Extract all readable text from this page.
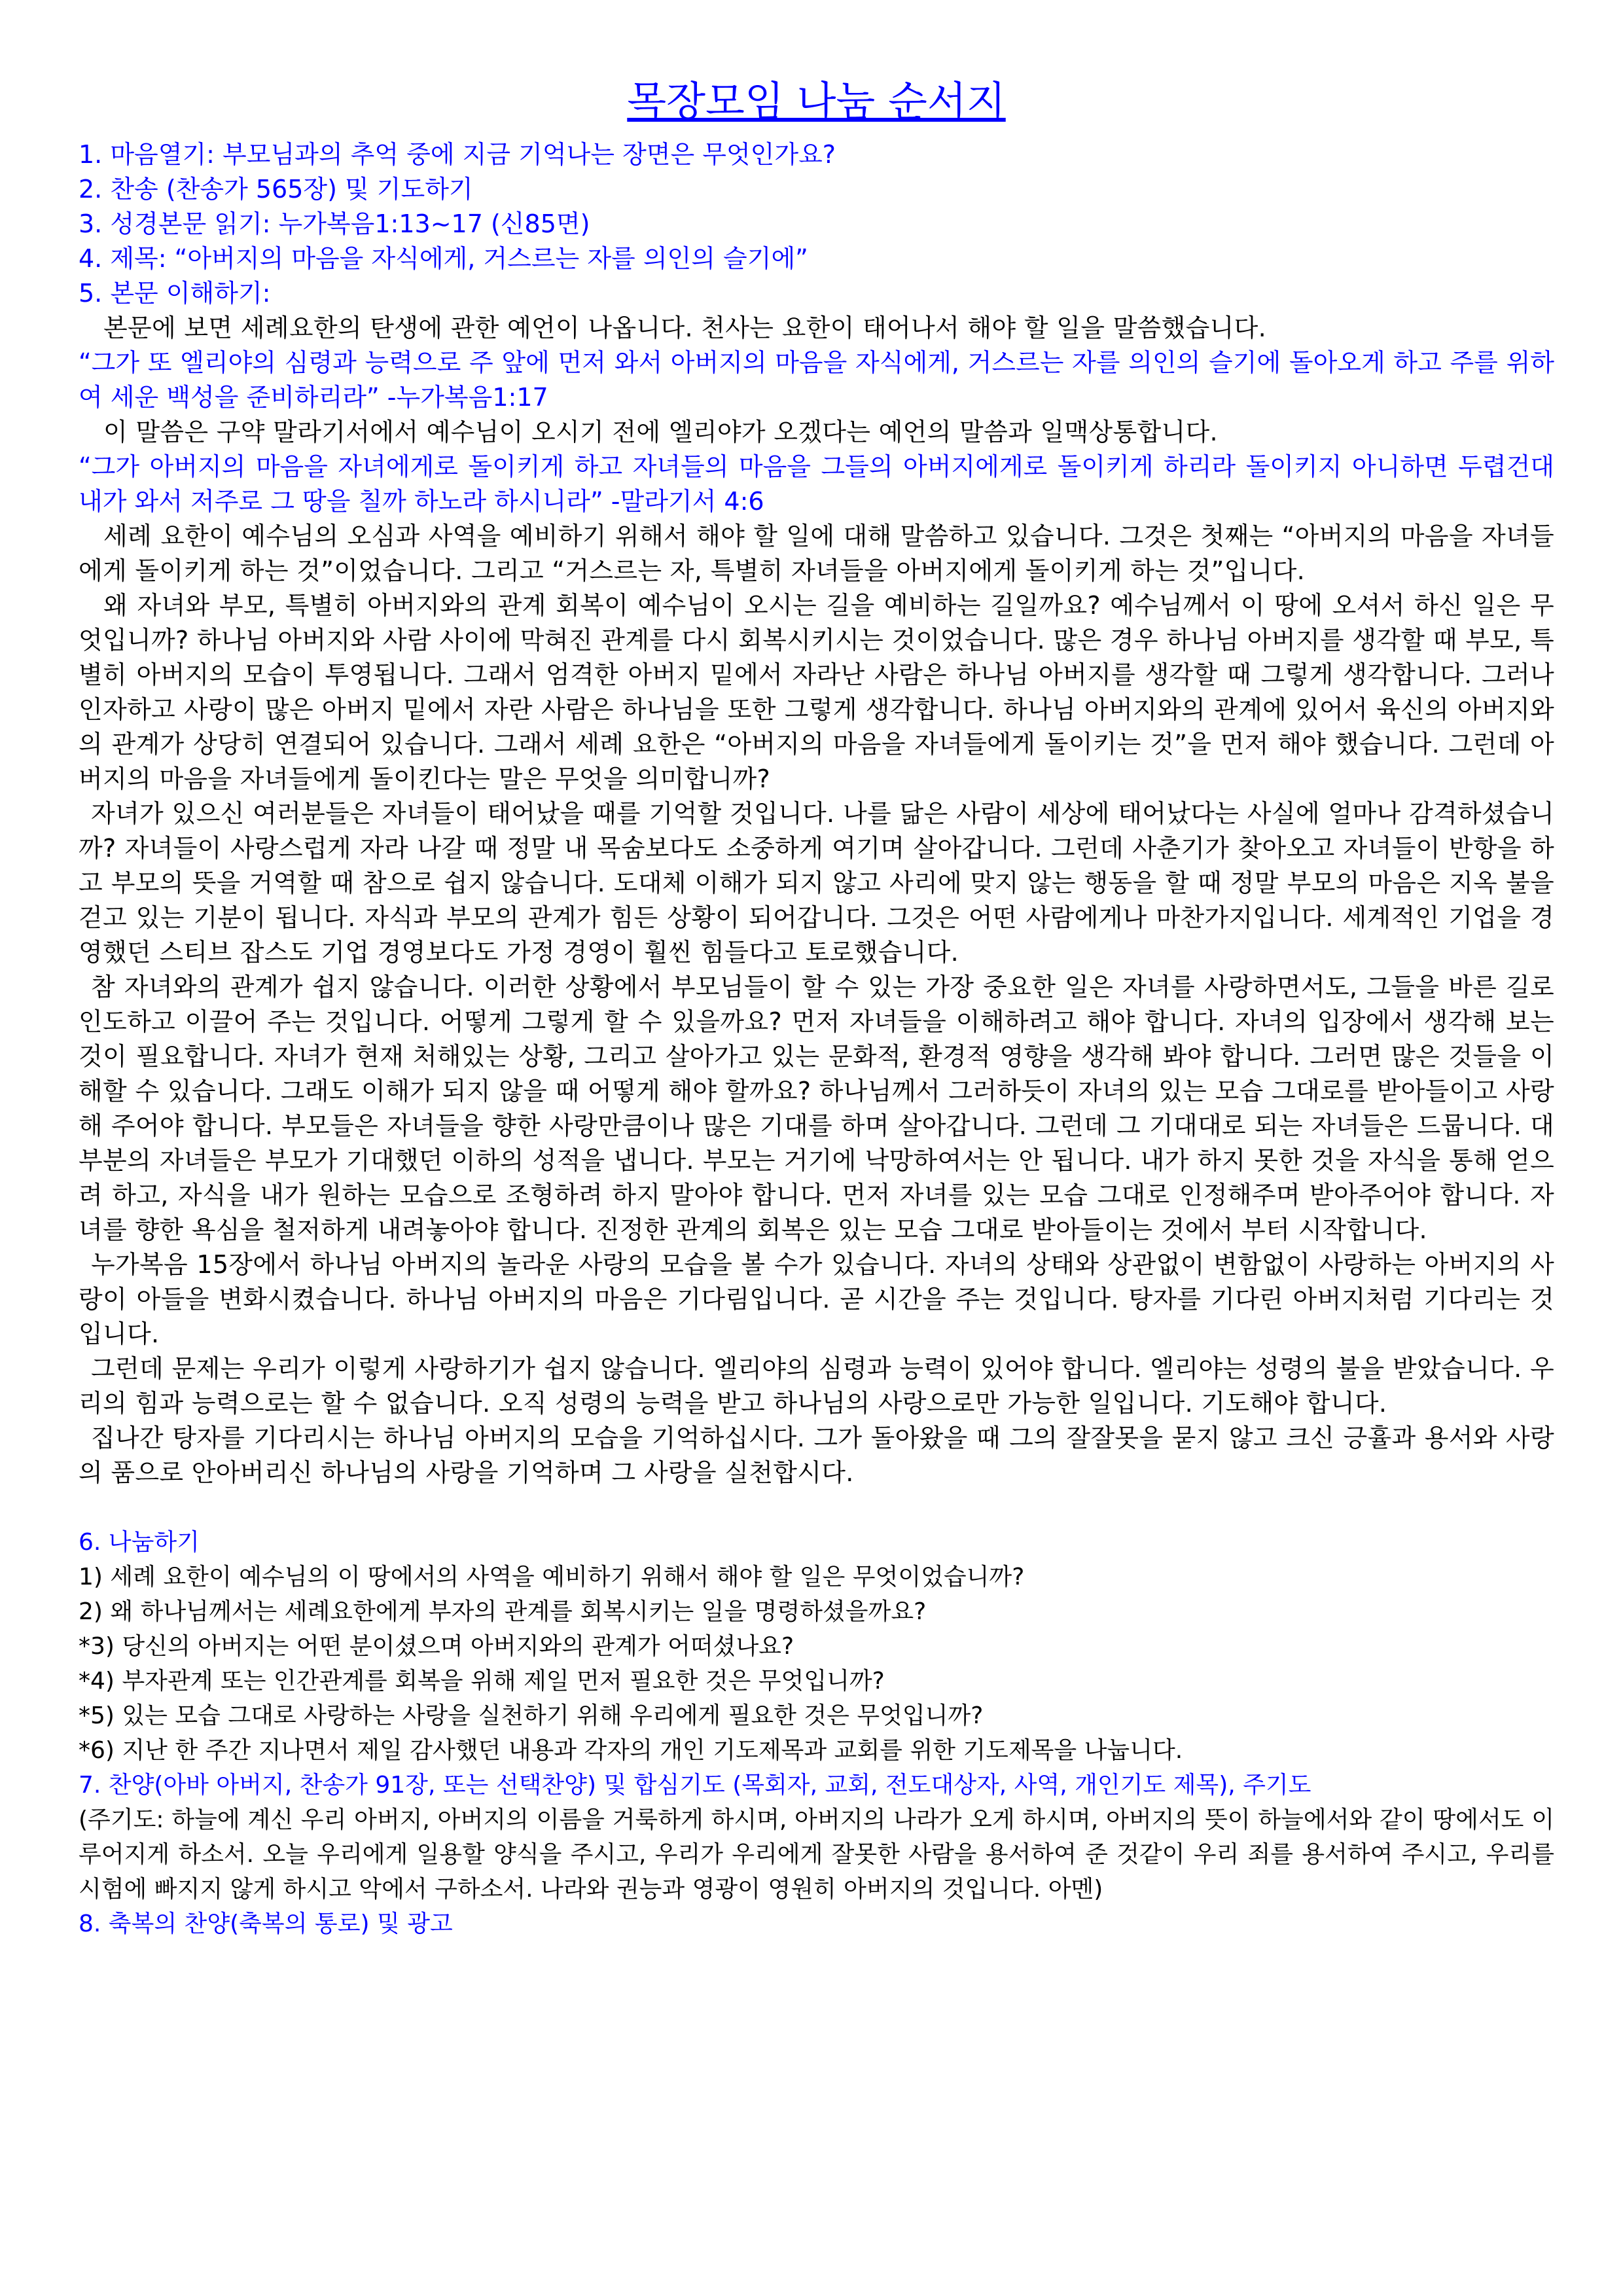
목장모임 나눔 순서지

1. 마음열기: 부모님과의 추억 중에 지금 기억나는 장면은 무엇인가요?

2. 찬송 (찬송가 565장) 및 기도하기

3. 성경본문 읽기: 누가복음1:13~17 (신85면)

4. 제목: “아버지의 마음을 자식에게, 거스르는 자를 의인의 슬기에”

5. 본문 이해하기:

본문에 보면 세례요한의 탄생에 관한 예언이 나옵니다. 천사는 요한이 태어나서 해야 할 일을 말씀했습니다.

“그가 또 엘리야의 심령과 능력으로 주 앞에 먼저 와서 아버지의 마음을 자식에게, 거스르는 자를 의인의 슬기에 돌아오게 하고 주를 위하여 세운 백성을 준비하리라” -누가복음1:17

이 말씀은 구약 말라기서에서 예수님이 오시기 전에 엘리야가 오겠다는 예언의 말씀과 일맥상통합니다.

“그가 아버지의 마음을 자녀에게로 돌이키게 하고 자녀들의 마음을 그들의 아버지에게로 돌이키게 하리라 돌이키지 아니하면 두렵건대 내가 와서 저주로 그 땅을 칠까 하노라 하시니라” -말라기서 4:6

세례 요한이 예수님의 오심과 사역을 예비하기 위해서 해야 할 일에 대해 말씀하고 있습니다. 그것은 첫째는 “아버지의 마음을 자녀들에게 돌이키게 하는 것”이었습니다. 그리고 “거스르는 자, 특별히 자녀들을 아버지에게 돌이키게 하는 것”입니다.

왜 자녀와 부모, 특별히 아버지와의 관계 회복이 예수님이 오시는 길을 예비하는 길일까요? 예수님께서 이 땅에 오셔서 하신 일은 무엇입니까? 하나님 아버지와 사람 사이에 막혀진 관계를 다시 회복시키시는 것이었습니다. 많은 경우 하나님 아버지를 생각할 때 부모, 특별히 아버지의 모습이 투영됩니다. 그래서 엄격한 아버지 밑에서 자라난 사람은 하나님 아버지를 생각할 때 그렇게 생각합니다. 그러나 인자하고 사랑이 많은 아버지 밑에서 자란 사람은 하나님을 또한 그렇게 생각합니다. 하나님 아버지와의 관계에 있어서 육신의 아버지와의 관계가 상당히 연결되어 있습니다. 그래서 세례 요한은 “아버지의 마음을 자녀들에게 돌이키는 것”을 먼저 해야 했습니다. 그런데 아버지의 마음을 자녀들에게 돌이킨다는 말은 무엇을 의미합니까?

자녀가 있으신 여러분들은 자녀들이 태어났을 때를 기억할 것입니다. 나를 닮은 사람이 세상에 태어났다는 사실에 얼마나 감격하셨습니까? 자녀들이 사랑스럽게 자라 나갈 때 정말 내 목숨보다도 소중하게 여기며 살아갑니다. 그런데 사춘기가 찾아오고 자녀들이 반항을 하고 부모의 뜻을 거역할 때 참으로 쉽지 않습니다. 도대체 이해가 되지 않고 사리에 맞지 않는 행동을 할 때 정말 부모의 마음은 지옥 불을 걷고 있는 기분이 됩니다. 자식과 부모의 관계가 힘든 상황이 되어갑니다. 그것은 어떤 사람에게나 마찬가지입니다. 세계적인 기업을 경영했던 스티브 잡스도 기업 경영보다도 가정 경영이 훨씬 힘들다고 토로했습니다.

참 자녀와의 관계가 쉽지 않습니다. 이러한 상황에서 부모님들이 할 수 있는 가장 중요한 일은 자녀를 사랑하면서도, 그들을 바른 길로 인도하고 이끌어 주는 것입니다. 어떻게 그렇게 할 수 있을까요? 먼저 자녀들을 이해하려고 해야 합니다. 자녀의 입장에서 생각해 보는 것이 필요합니다. 자녀가 현재 처해있는 상황, 그리고 살아가고 있는 문화적, 환경적 영향을 생각해 봐야 합니다. 그러면 많은 것들을 이해할 수 있습니다. 그래도 이해가 되지 않을 때 어떻게 해야 할까요? 하나님께서 그러하듯이 자녀의 있는 모습 그대로를 받아들이고 사랑해 주어야 합니다. 부모들은 자녀들을 향한 사랑만큼이나 많은 기대를 하며 살아갑니다. 그런데 그 기대대로 되는 자녀들은 드뭅니다. 대부분의 자녀들은 부모가 기대했던 이하의 성적을 냅니다. 부모는 거기에 낙망하여서는 안 됩니다. 내가 하지 못한 것을 자식을 통해 얻으려 하고, 자식을 내가 원하는 모습으로 조형하려 하지 말아야 합니다. 먼저 자녀를 있는 모습 그대로 인정해주며 받아주어야 합니다. 자녀를 향한 욕심을 철저하게 내려놓아야 합니다. 진정한 관계의 회복은 있는 모습 그대로 받아들이는 것에서 부터 시작합니다.

누가복음 15장에서 하나님 아버지의 놀라운 사랑의 모습을 볼 수가 있습니다. 자녀의 상태와 상관없이 변함없이 사랑하는 아버지의 사랑이 아들을 변화시켰습니다. 하나님 아버지의 마음은 기다림입니다. 곧 시간을 주는 것입니다. 탕자를 기다린 아버지처럼 기다리는 것입니다.

그런데 문제는 우리가 이렇게 사랑하기가 쉽지 않습니다. 엘리야의 심령과 능력이 있어야 합니다. 엘리야는 성령의 불을 받았습니다. 우리의 힘과 능력으로는 할 수 없습니다. 오직 성령의 능력을 받고 하나님의 사랑으로만 가능한 일입니다. 기도해야 합니다.

집나간 탕자를 기다리시는 하나님 아버지의 모습을 기억하십시다. 그가 돌아왔을 때 그의 잘잘못을 묻지 않고 크신 긍휼과 용서와 사랑의 품으로 안아버리신 하나님의 사랑을 기억하며 그 사랑을 실천합시다.

6. 나눔하기

1) 세례 요한이 예수님의 이 땅에서의 사역을 예비하기 위해서 해야 할 일은 무엇이었습니까?

2) 왜 하나님께서는 세례요한에게 부자의 관계를 회복시키는 일을 명령하셨을까요?

*3) 당신의 아버지는 어떤 분이셨으며 아버지와의 관계가 어떠셨나요?

*4) 부자관계 또는 인간관계를 회복을 위해 제일 먼저 필요한 것은 무엇입니까?

*5) 있는 모습 그대로 사랑하는 사랑을 실천하기 위해 우리에게 필요한 것은 무엇입니까?

*6) 지난 한 주간 지나면서 제일 감사했던 내용과 각자의 개인 기도제목과 교회를 위한 기도제목을 나눕니다.

7. 찬양(아바 아버지, 찬송가 91장, 또는 선택찬양) 및 합심기도 (목회자, 교회, 전도대상자, 사역, 개인기도 제목), 주기도

(주기도: 하늘에 계신 우리 아버지, 아버지의 이름을 거룩하게 하시며, 아버지의 나라가 오게 하시며, 아버지의 뜻이 하늘에서와 같이 땅에서도 이루어지게 하소서. 오늘 우리에게 일용할 양식을 주시고, 우리가 우리에게 잘못한 사람을 용서하여 준 것같이 우리 죄를 용서하여 주시고, 우리를 시험에 빠지지 않게 하시고 악에서 구하소서. 나라와 권능과 영광이 영원히 아버지의 것입니다. 아멘)

8. 축복의 찬양(축복의 통로) 및 광고
